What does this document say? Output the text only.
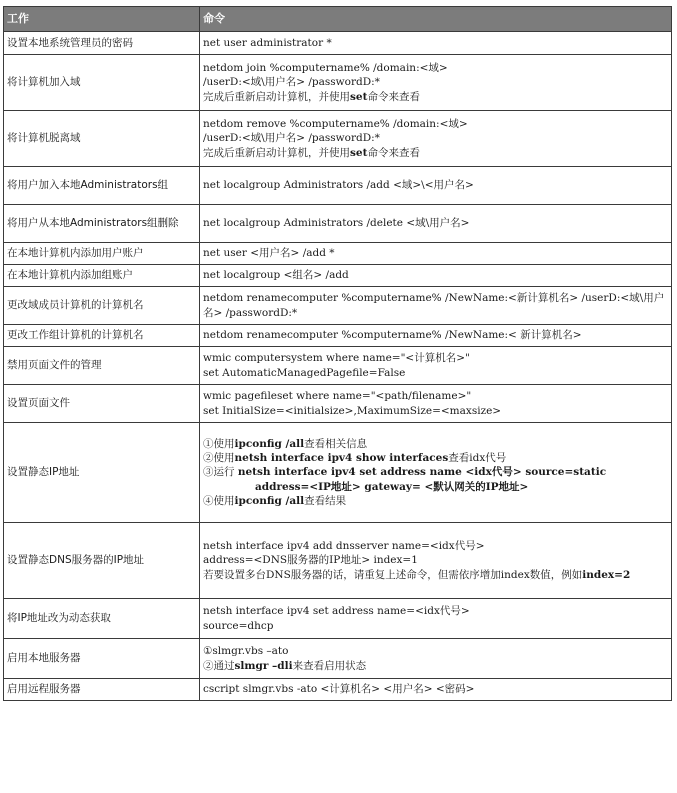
工作	命令
设置本地系统管理员的密码	net user administrator *

将计算机加入域	netdom join %computername% /domain:<域>
/userD:<域\用户名> /passwordD:*
完成后重新启动计算机，并使用set命令来查看

将计算机脱离域	netdom remove %computername% /domain:<域>
/userD:<域\用户名> /passwordD:*
完成后重新启动计算机，并使用set命令来查看

将用户加入本地Administrators组	net localgroup Administrators /add <域>\<用户名>

将用户从本地Administrators组删除	net localgroup Administrators /delete <域\用户名>

在本地计算机内添加用户账户	net user <用户名> /add *

在本地计算机内添加组账户	net localgroup <组名> /add

更改域成员计算机的计算机名	netdom renamecomputer %computername% /NewName:<新计算机名> /userD:<域\用户名> /passwordD:*

更改工作组计算机的计算机名	netdom renamecomputer %computername% /NewName:< 新计算机名>

禁用页面文件的管理	wmic computersystem where name="<计算机名>"
set AutomaticManagedPagefile=False

设置页面文件	wmic pagefileset where name="<path/filename>"
set InitialSize=<initialsize>,MaximumSize=<maxsize>

设置静态IP地址	①使用ipconfig /all查看相关信息
②使用netsh interface ipv4 show interfaces查看idx代号
③运行 netsh interface ipv4 set address name <idx代号> source=static
address=<IP地址> gateway= <默认网关的IP地址>
④使用ipconfig /all查看结果

设置静态DNS服务器的IP地址	netsh interface ipv4 add dnsserver name=<idx代号>
address=<DNS服务器的IP地址> index=1
若要设置多台DNS服务器的话，请重复上述命令，但需依序增加index数值，例如index=2

将IP地址改为动态获取	netsh interface ipv4 set address name=<idx代号>
source=dhcp

启用本地服务器	①slmgr.vbs –ato
②通过slmgr –dli来查看启用状态

启用远程服务器	cscript slmgr.vbs -ato <计算机名> <用户名> <密码>
